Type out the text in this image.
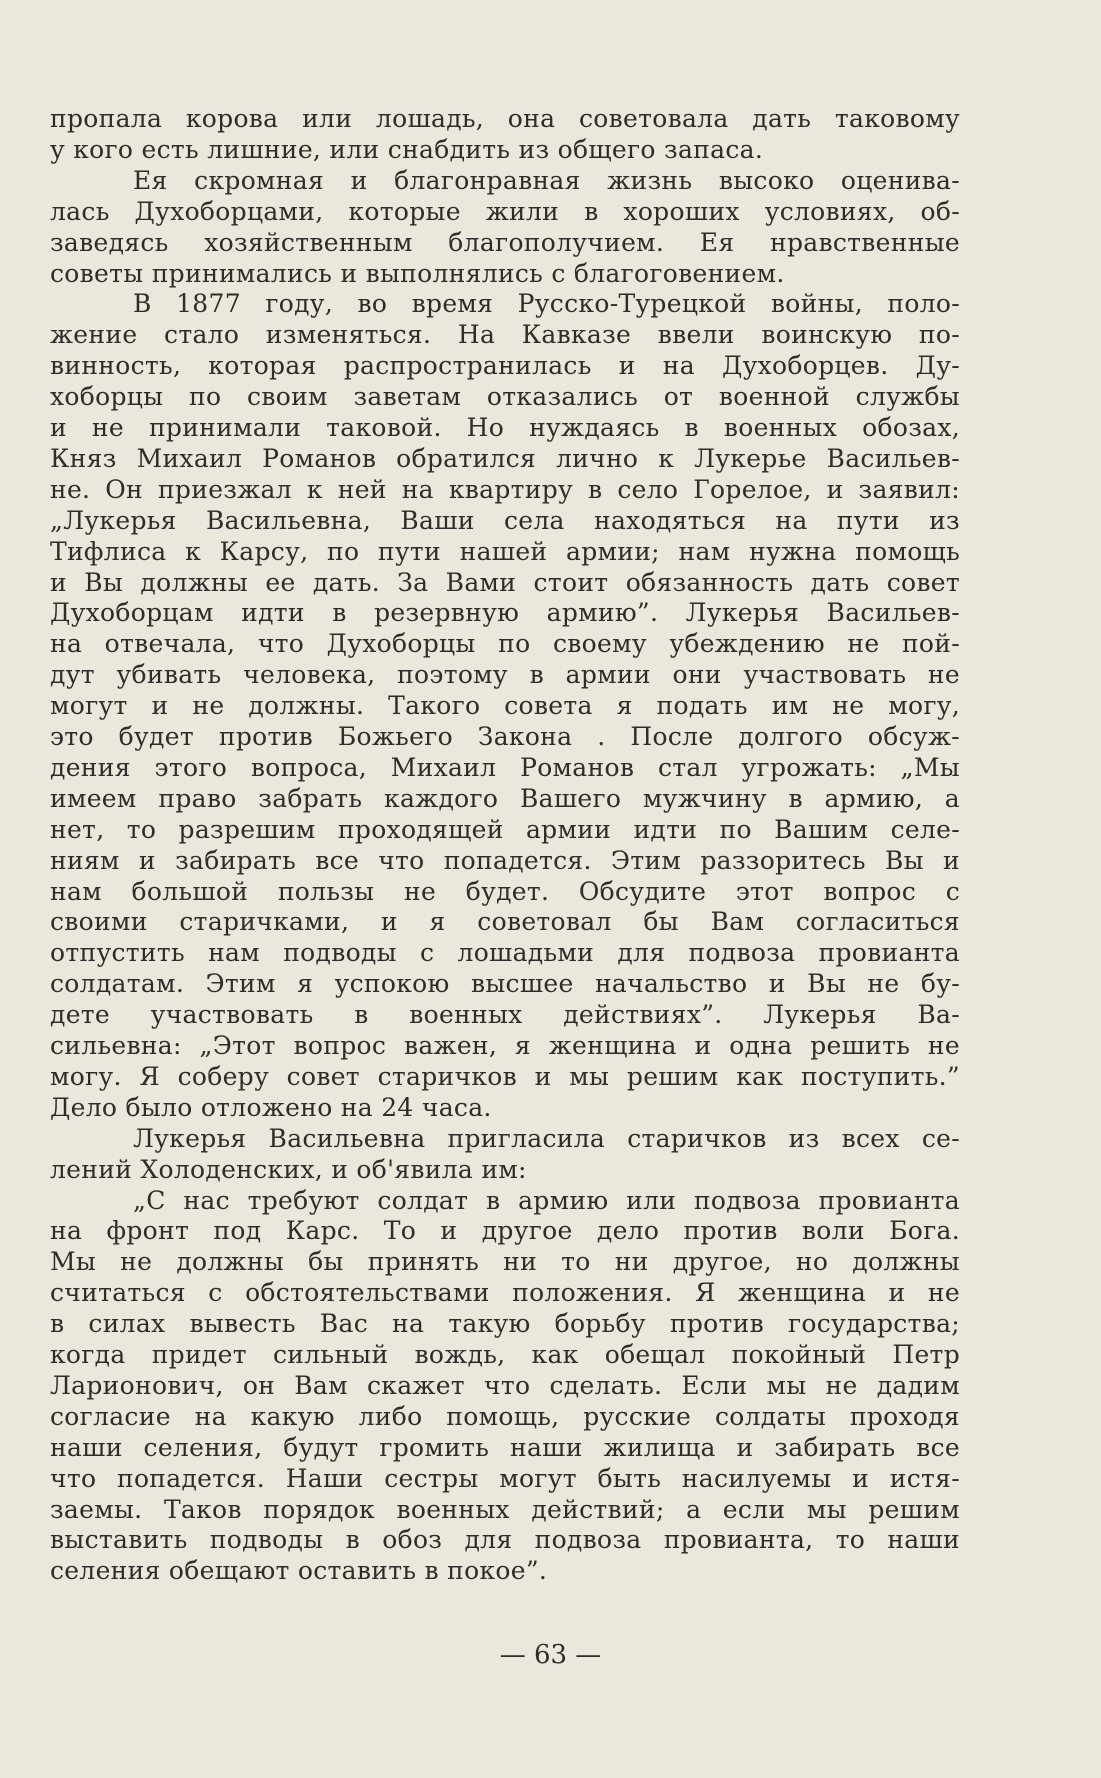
пропала корова или лошадь, она советовала дать таковому
у кого есть лишние, или снабдить из общего запаса.
Ея скромная и благонравная жизнь высоко оценива-
лась Духоборцами, которые жили в хороших условиях, об-
заведясь хозяйственным благополучием. Ея нравственные
советы принимались и выполнялись с благоговением.
В 1877 году, во время Русско-Турецкой войны, поло-
жение стало изменяться. На Кавказе ввели воинскую по-
винность, которая распространилась и на Духоборцев. Ду-
хоборцы по своим заветам отказались от военной службы
и не принимали таковой. Но нуждаясь в военных обозах,
Княз Михаил Романов обратился лично к Лукерье Васильев-
не. Он приезжал к ней на квартиру в село Горелое, и заявил:
„Лукерья Васильевна, Ваши села находяться на пути из
Тифлиса к Карсу, по пути нашей армии; нам нужна помощь
и Вы должны ее дать. За Вами стоит обязанность дать совет
Духоборцам идти в резервную армию”. Лукерья Васильев-
на отвечала, что Духоборцы по своему убеждению не пой-
дут убивать человека, поэтому в армии они участвовать не
могут и не должны. Такого совета я подать им не могу,
это будет против Божьего Закона . После долгого обсуж-
дения этого вопроса, Михаил Романов стал угрожать: „Мы
имеем право забрать каждого Вашего мужчину в армию, а
нет, то разрешим проходящей армии идти по Вашим селе-
ниям и забирать все что попадется. Этим раззоритесь Вы и
нам большой пользы не будет. Обсудите этот вопрос с
своими старичками, и я советовал бы Вам согласиться
отпустить нам подводы с лошадьми для подвоза провианта
солдатам. Этим я успокою высшее начальство и Вы не бу-
дете участвовать в военных действиях”. Лукерья Ва-
сильевна: „Этот вопрос важен, я женщина и одна решить не
могу. Я соберу совет старичков и мы решим как поступить.”
Дело было отложено на 24 часа.
Лукерья Васильевна пригласила старичков из всех се-
лений Холоденских, и об'явила им:
„С нас требуют солдат в армию или подвоза провианта
на фронт под Карс. То и другое дело против воли Бога.
Мы не должны бы принять ни то ни другое, но должны
считаться с обстоятельствами положения. Я женщина и не
в силах вывесть Вас на такую борьбу против государства;
когда придет сильный вождь, как обещал покойный Петр
Ларионович, он Вам скажет что сделать. Если мы не дадим
согласие на какую либо помощь, русские солдаты проходя
наши селения, будут громить наши жилища и забирать все
что попадется. Наши сестры могут быть насилуемы и истя-
заемы. Таков порядок военных действий; а если мы решим
выставить подводы в обоз для подвоза провианта, то наши
селения обещают оставить в покое”.
— 63 —
